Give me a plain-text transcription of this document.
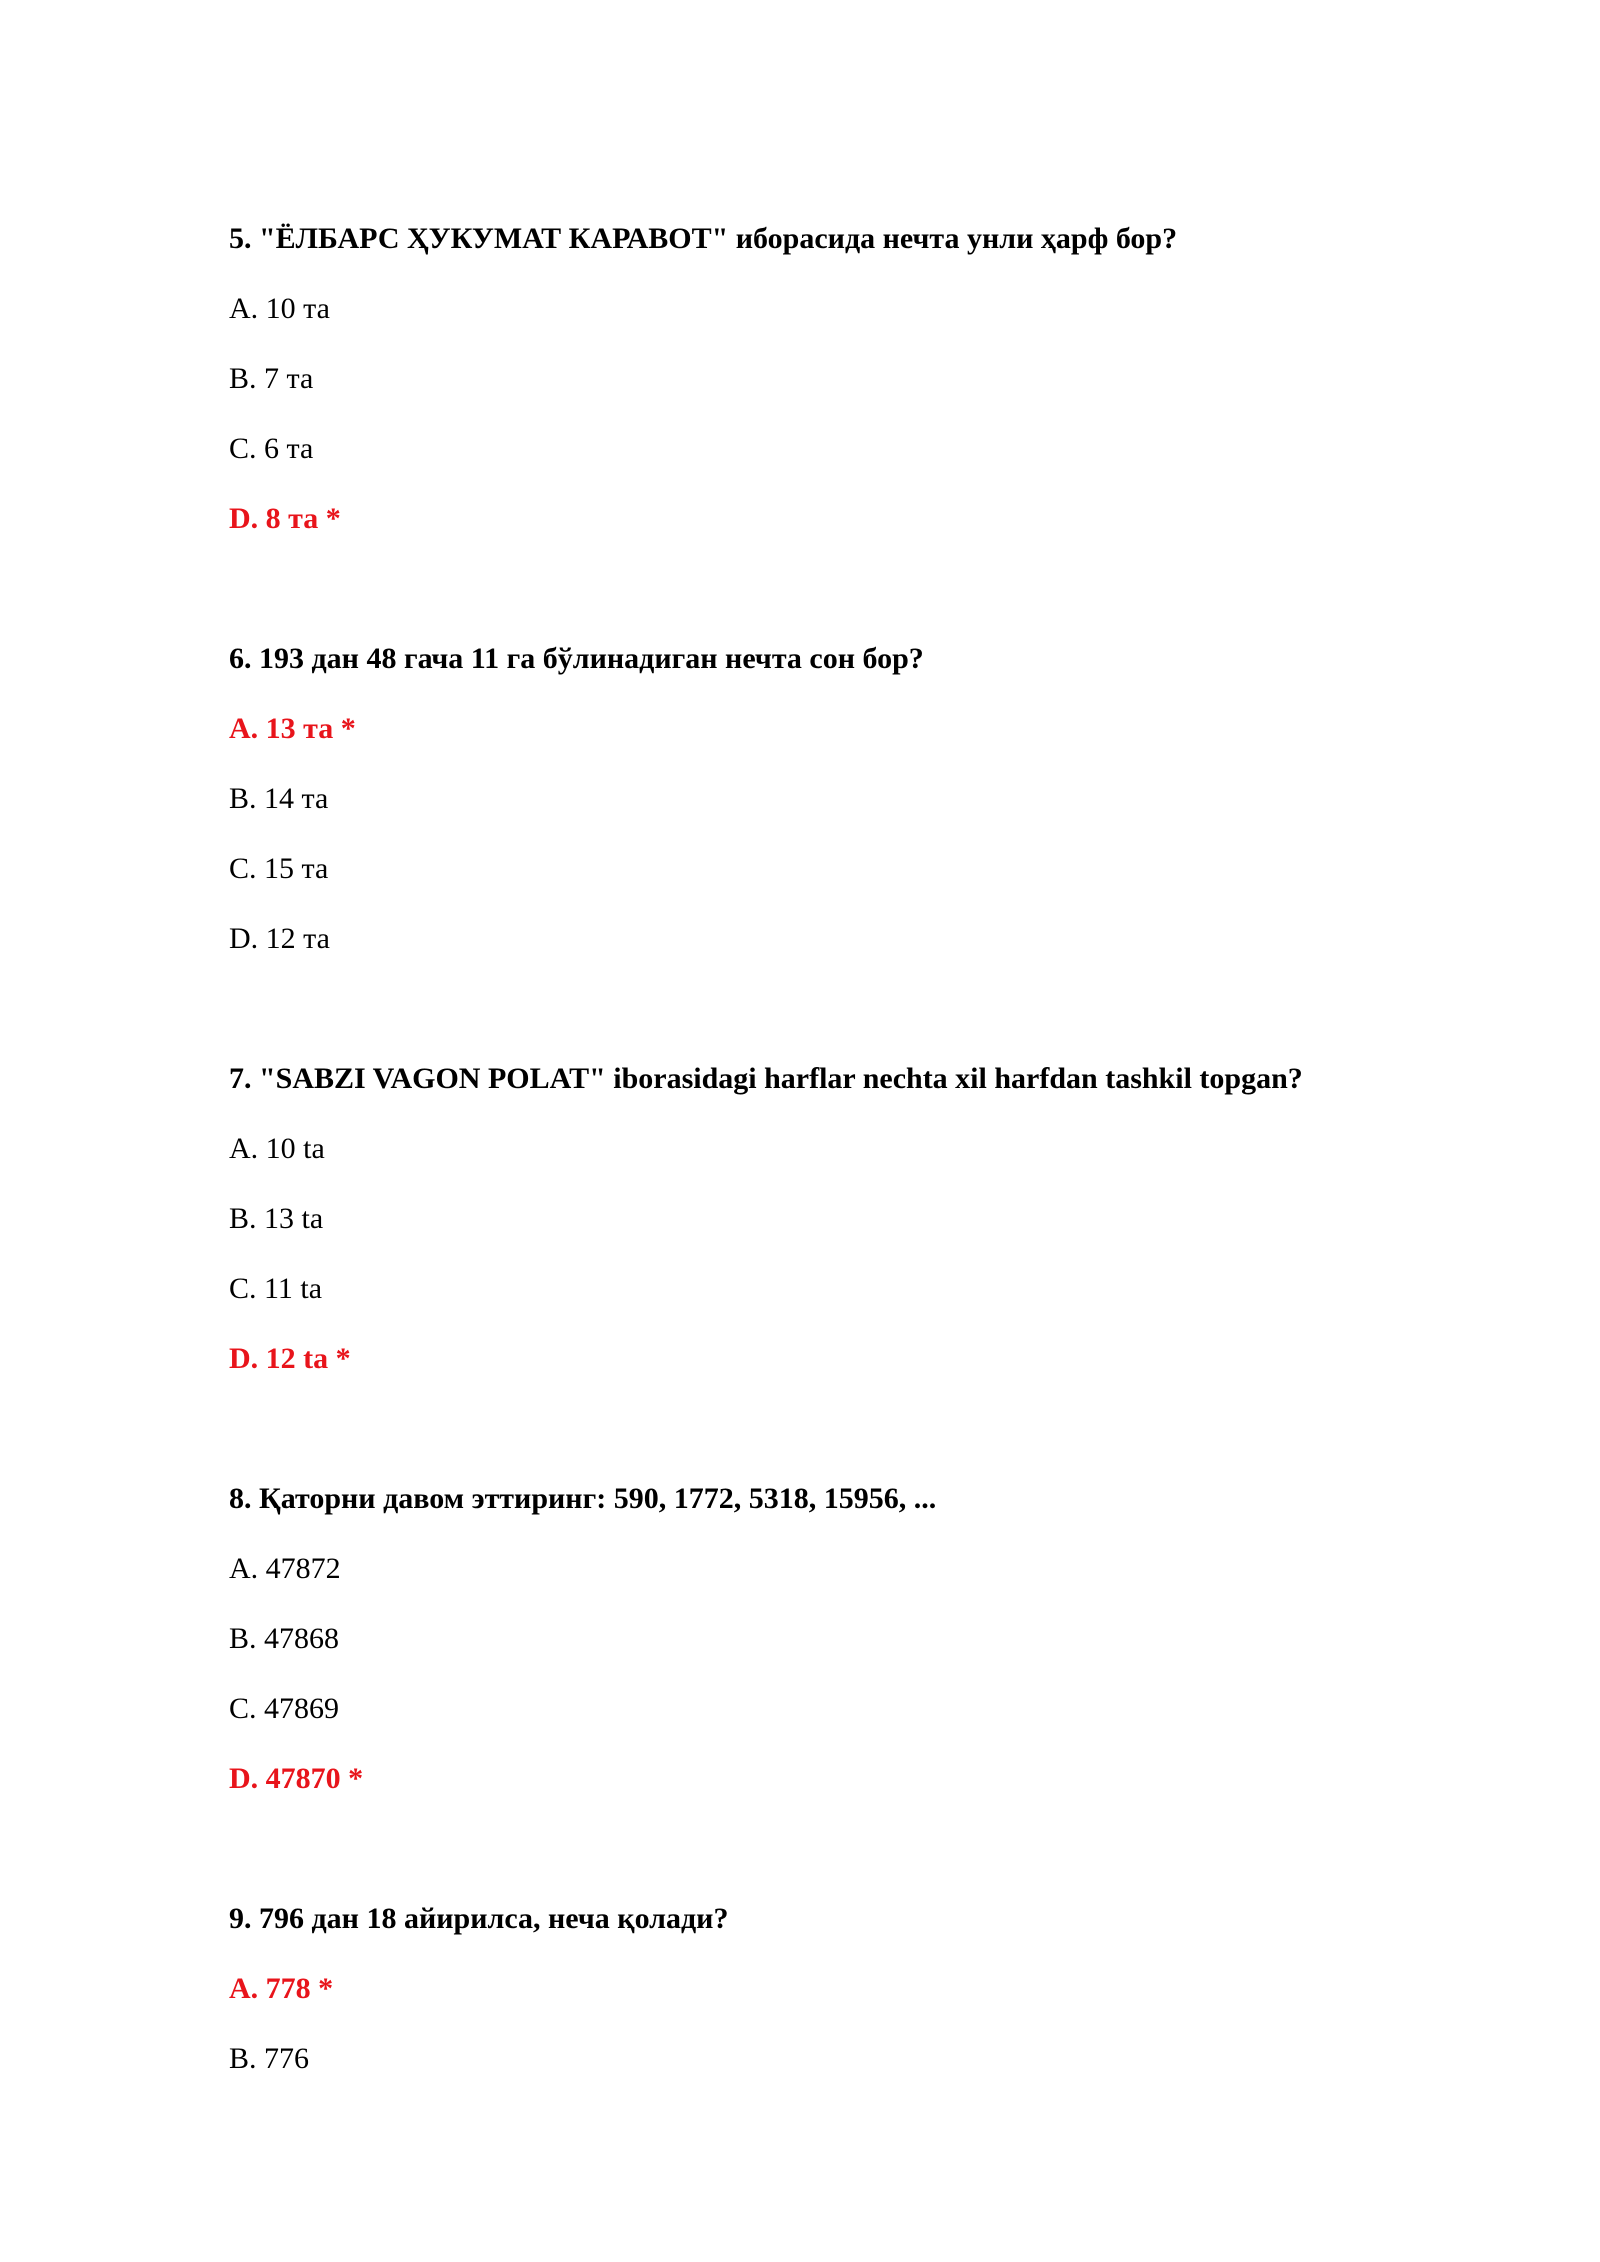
5. "ЁЛБАРС ҲУКУМАТ КАРАВОТ" иборасида нечта унли ҳарф бор?
A. 10 та
B. 7 та
C. 6 та
D. 8 та *
6. 193 дан 48 гача 11 га бўлинадиган нечта сон бор?
A. 13 та *
B. 14 та
C. 15 та
D. 12 та
7. "SABZI VAGON POLAT" iborasidagi harflar nechta xil harfdan tashkil topgan?
A. 10 ta
B. 13 ta
C. 11 ta
D. 12 ta *
8. Қаторни давом эттиринг: 590, 1772, 5318, 15956, ...
A. 47872
B. 47868
C. 47869
D. 47870 *
9. 796 дан 18 айирилса, неча қолади?
A. 778 *
B. 776
